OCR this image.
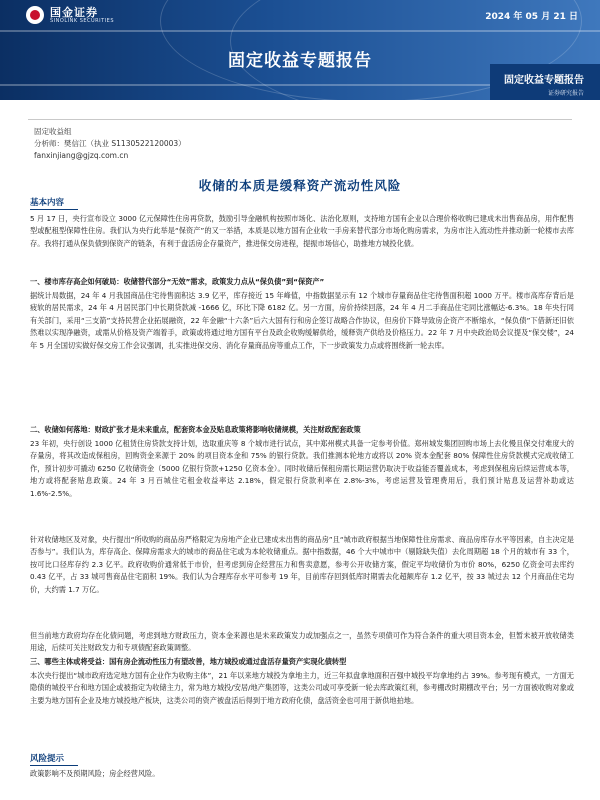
国金证券
SINOLINK SECURITIES	2024 年 05 月 21 日
固定收益专题报告
固定收益专题报告
证券研究报告
固定收益组
分析师：樊信江（执业 S1130522120003）
fanxinjiang@gjzq.com.cn
收储的本质是缓释资产流动性风险
基本内容
5 月 17 日，央行宣布设立 3000 亿元保障性住房再贷款，鼓励引导金融机构按照市场化、法治化原则，支持地方国有企业以合理价格收购已建成未出售商品房，用作配售型或配租型保障性住房。我们认为央行此举是“保资产”的又一举措，本质是以地方国有企业收一手房来替代部分市场化购房需求，为房市注入流动性并推动新一轮楼市去库存。我将打通从保负债到保资产的链条，有利于盘活房企存量资产，推进保交房进程，提振市场信心，助推地方城投化债。
一、楼市库存高企如何破局：收储替代部分“无效”需求，政策发力点从“保负债”到“保资产”
据统计局数据，24 年 4 月我国商品住宅待售面积达 3.9 亿平，库存接近 15 年峰值，中指数据显示有 12 个城市存量商品住宅待售面积超 1000 万平。楼市高库存背后是疲软的居民需求，24 年 4 月居民部门中长期贷款减 -1666 亿，环比下降 6182 亿。另一方面，房价持续回落，24 年 4 月二手商品住宅同比涨幅达-6.3%。18 年央行同有关部门，采用“三支箭”支持民营企业拓展融资，22 年金融“十六条”后六大国有行和房企签订战略合作协议，但房价下降导致房企资产不断缩水，“保负债”下借新还旧依然难以实现净融资，或需从价格及资产端着手，政策或将通过地方国有平台及政企收购缓解供给，缓释资产供给及价格压力。22 年 7 月中央政治局会议提及“保交楼”，24 年 5 月全国切实做好保交房工作会议强调，扎实推进保交房、消化存量商品房等重点工作，下一步政策发力点或将围绕新一轮去库。
二、收储如何落地：财政扩张才是未来重点，配套资本金及贴息政策将影响收储规模，关注财政配套政策
23 年初，央行创设 1000 亿租赁住房贷款支持计划，选取重庆等 8 个城市进行试点，其中郑州模式具备一定参考价值。郑州城发集团回购市场上去化慢且保交付难度大的存量房，将其改造成保租房，回购资金来源于 20% 的项目资本金和 75% 的银行贷款。我们推测本轮地方或将以 20% 资本金配套 80% 保障性住房贷款模式完成收储工作，预计初步可撬动 6250 亿收储资金（5000 亿银行贷款+1250 亿资本金）。同时收储后保租房需长期运营仍取决于收益能否覆盖成本，考虑到保租房后续运营成本等，地方或将配套贴息政策。24 年 3 月百城住宅租金收益率达 2.18%，假定银行贷款利率在 2.8%-3%，考虑运营及管理费用后，我们预计贴息及运营补助或达 1.6%-2.5%。
针对收储地区及对象，央行提出“所收购的商品房严格限定为房地产企业已建成未出售的商品房”且“城市政府根据当地保障性住房需求、商品房库存水平等因素，自主决定是否参与”。我们认为，库存高企、保障房需求大的城市的商品住宅或为本轮收储重点。据中指数据，46 个大中城市中（剔除缺失值）去化周期超 18 个月的城市有 33 个，按可比口径库存约 2.3 亿平。政府收购价通常低于市价，但考虑到房企经营压力和售卖意愿，参考公开收储方案，假定平均收储价为市价 80%，6250 亿资金可去库约 0.43 亿平，占 33 城可售商品住宅面积 19%。我们认为合理库存水平可参考 19 年，目前库存回到低库时期需去化超额库存 1.2 亿平，按 33 城过去 12 个月商品住宅均价，大约需 1.7 万亿。
但当前地方政府均存在化债问题，考虑到地方财政压力，资本金来源也是未来政策发力或加强点之一，虽然专项债可作为符合条件的重大项目资本金，但暂未被开放收储类用途，后续可关注财政发力和专项债配套政策调整。
三、哪些主体或将受益：国有房企流动性压力有望改善，地方城投或通过盘活存量资产实现化债转型
本次央行提出“城市政府选定地方国有企业作为收购主体”，21 年以来地方城投为拿地主力，近三年拟盘拿地面积百强中城投平均拿地约占 39%。参考现有模式，一方面无隐债的城投平台和地方国企或被指定为收储主力，常为地方城投/安居/地产集团等，这类公司或可享受新一轮去库政策红利，参考棚改时期棚改平台；另一方面被收购对象或主要为地方国有企业及地方城投地产板块，这类公司的资产被盘活后得到于地方政府化债，盘活资金也可用于新供地拍地。
风险提示
政策影响不及预期风险；房企经营风险。
